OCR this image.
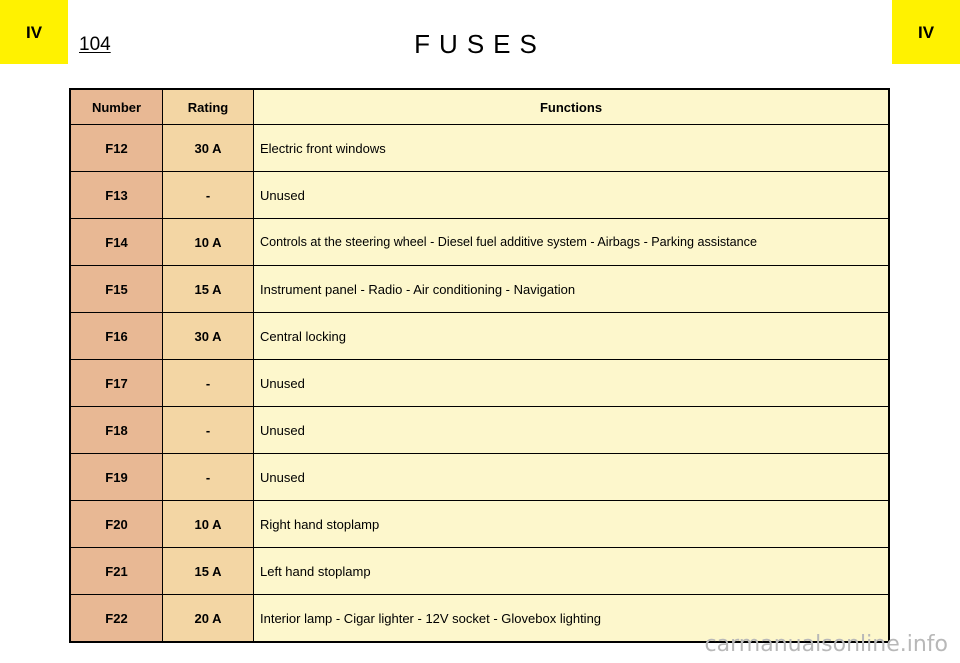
IV	IV
104	FUSES
Number	Rating	Functions
F12	30 A	Electric front windows
F13	-	Unused
F14	10 A	Controls at the steering wheel - Diesel fuel additive system - Airbags - Parking assistance
F15	15 A	Instrument panel - Radio - Air conditioning - Navigation
F16	30 A	Central locking
F17	-	Unused
F18	-	Unused
F19	-	Unused
F20	10 A	Right hand stoplamp
F21	15 A	Left hand stoplamp
F22	20 A	Interior lamp - Cigar lighter - 12V socket - Glovebox lighting
carmanualsonline.info
